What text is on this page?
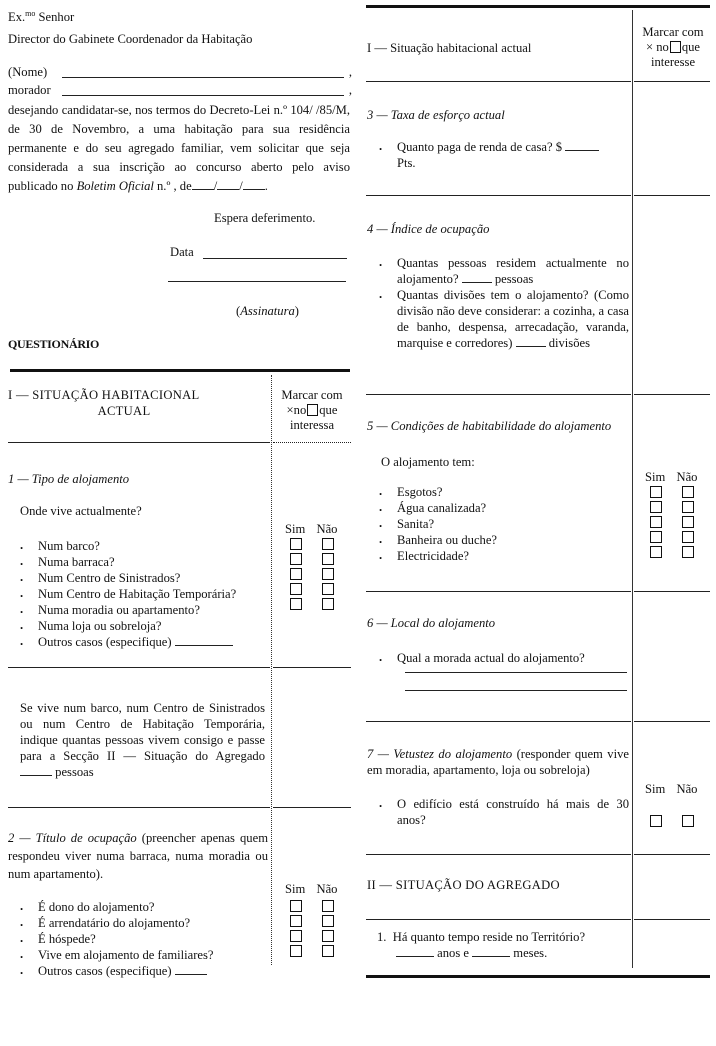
Ex.$^{mo}$ Senhor
Director do Gabinete Coordenador da Habitação
(Nome)	,
morador	,
desejando candidatar-se, nos termos do Decreto-Lei n.º 104/ /85/M, de 30 de Novembro, a uma habitação para sua residência permanente e do seu agregado familiar, vem solicitar que seja considerada a sua inscrição ao concurso aberto pelo aviso publicado no Boletim Oficial n.º , de / / .
Espera deferimento.
Data
(Assinatura)
QUESTIONÁRIO
I — SITUAÇÃO HABITACIONAL
ACTUAL
Marcar com
×no que
interessa
1 — Tipo de alojamento
Onde vive actualmente?
. Num barco?
. Numa barraca?
. Num Centro de Sinistrados?
. Num Centro de Habitação Temporária?
. Numa moradia ou apartamento?
. Numa loja ou sobreloja?
. Outros casos (especifique)
Sim Não
Se vive num barco, num Centro de Sinistrados ou num Centro de Habitação Temporária, indique quantas pessoas vivem consigo e passe para a Secção II — Situação do Agregado  pessoas
2 — Título de ocupação (preencher apenas quem respondeu viver numa barraca, numa moradia ou num apartamento).
. É dono do alojamento?
. É arrendatário do alojamento?
. É hóspede?
. Vive em alojamento de familiares?
. Outros casos (especifique)
Sim Não
I — Situação habitacional actual
Marcar com
× no que
interesse
3 — Taxa de esforço actual
. Quanto paga de renda de casa? $
Pts.
4 — Índice de ocupação
. Quantas pessoas residem actualmente no alojamento?	pessoas
. Quantas divisões tem o alojamento? (Como divisão não deve considerar: a cozinha, a casa de banho, despensa, arrecadação, varanda, marquise e corredores)	divisões
5 — Condições de habitabilidade do alojamento
O alojamento tem:
. Esgotos?
. Água canalizada?
. Sanita?
. Banheira ou duche?
. Electricidade?
Sim Não
6 — Local do alojamento
. Qual a morada actual do alojamento?
7 — Vetustez do alojamento (responder quem vive em moradia, apartamento, loja ou sobreloja)
. O edifício está construído há mais de 30 anos?
Sim Não
II — SITUAÇÃO DO AGREGADO
1. Há quanto tempo reside no Território?
anos e	meses.
